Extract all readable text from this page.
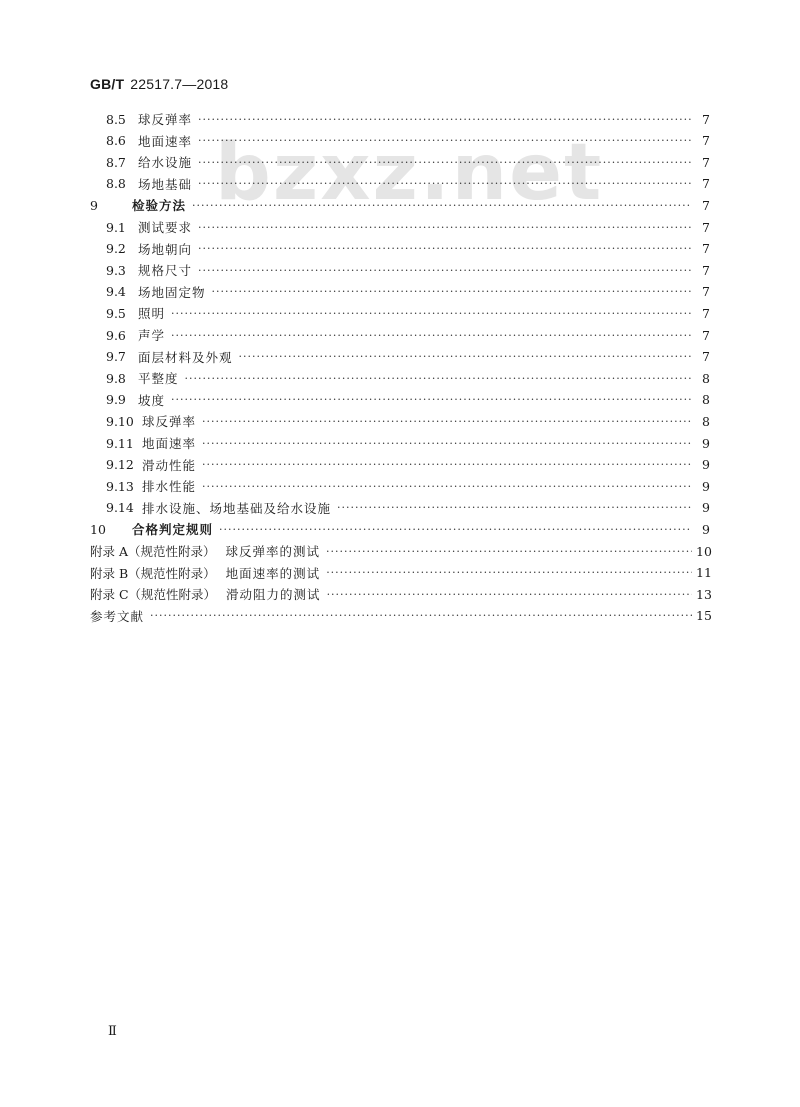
GB/T 22517.7—2018
bzxz.net
8.5 球反弹率 ·····	7
8.6 地面速率 ·····	7
8.7 给水设施 ·····	7
8.8 场地基础 ·····	7
9	检验方法 ·····	7
9.1 测试要求 ·····	7
9.2 场地朝向 ·····	7
9.3 规格尺寸 ·····	7
9.4 场地固定物 ·····	7
9.5 照明 ·····	7
9.6 声学 ·····	7
9.7 面层材料及外观 ·····	7
9.8 平整度 ·····	8
9.9 坡度 ·····	8
9.10 球反弹率 ·····	8
9.11 地面速率 ·····	9
9.12 滑动性能 ·····	9
9.13 排水性能 ·····	9
9.14 排水设施、场地基础及给水设施 ·····	9
10	合格判定规则 ·····	9
附录 A（规范性附录） 球反弹率的测试 ·····	10
附录 B（规范性附录） 地面速率的测试 ·····	11
附录 C（规范性附录） 滑动阻力的测试 ·····	13
参考文献 ·····	15
Ⅱ
